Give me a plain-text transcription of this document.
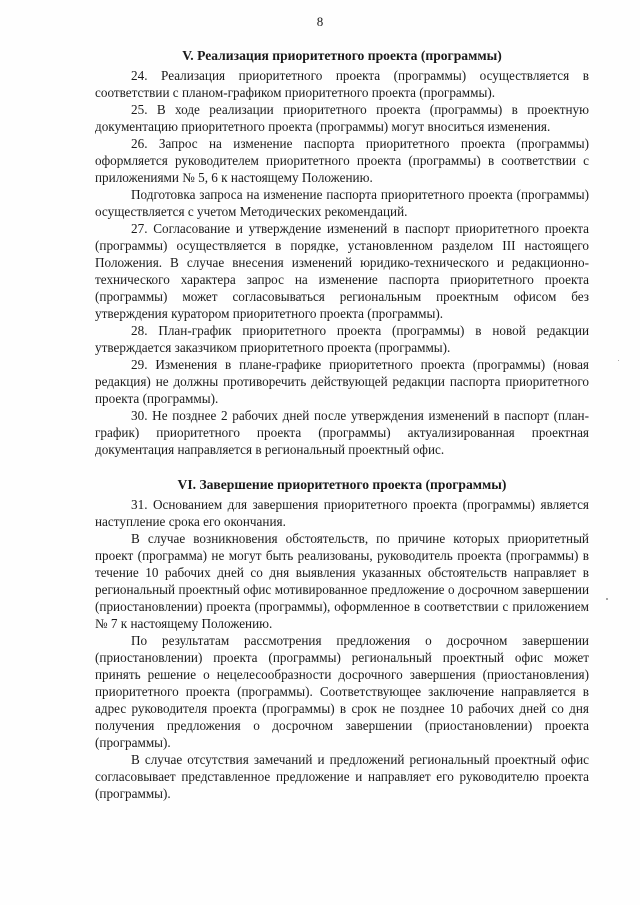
8
V. Реализация приоритетного проекта (программы)

24. Реализация приоритетного проекта (программы) осуществляется в соответствии с планом-графиком приоритетного проекта (программы).

25. В ходе реализации приоритетного проекта (программы) в проектную документацию приоритетного проекта (программы) могут вноситься изменения.

26. Запрос на изменение паспорта приоритетного проекта (программы) оформляется руководителем приоритетного проекта (программы) в соответствии с приложениями № 5, 6 к настоящему Положению.

Подготовка запроса на изменение паспорта приоритетного проекта (программы) осуществляется с учетом Методических рекомендаций.

27. Согласование и утверждение изменений в паспорт приоритетного проекта (программы) осуществляется в порядке, установленном разделом III настоящего Положения. В случае внесения изменений юридико-технического и редакционно-технического характера запрос на изменение паспорта приоритетного проекта (программы) может согласовываться региональным проектным офисом без утверждения куратором приоритетного проекта (программы).

28. План-график приоритетного проекта (программы) в новой редакции утверждается заказчиком приоритетного проекта (программы).

29. Изменения в плане-графике приоритетного проекта (программы) (новая редакция) не должны противоречить действующей редакции паспорта приоритетного проекта (программы).

30. Не позднее 2 рабочих дней после утверждения изменений в паспорт (план-график) приоритетного проекта (программы) актуализированная проектная документация направляется в региональный проектный офис.

VI. Завершение приоритетного проекта (программы)

31. Основанием для завершения приоритетного проекта (программы) является наступление срока его окончания.

В случае возникновения обстоятельств, по причине которых приоритетный проект (программа) не могут быть реализованы, руководитель проекта (программы) в течение 10 рабочих дней со дня выявления указанных обстоятельств направляет в региональный проектный офис мотивированное предложение о досрочном завершении (приостановлении) проекта (программы), оформленное в соответствии с приложением № 7 к настоящему Положению.

По результатам рассмотрения предложения о досрочном завершении (приостановлении) проекта (программы) региональный проектный офис может принять решение о нецелесообразности досрочного завершения (приостановления) приоритетного проекта (программы). Соответствующее заключение направляется в адрес руководителя проекта (программы) в срок не позднее 10 рабочих дней со дня получения предложения о досрочном завершении (приостановлении) проекта (программы).

В случае отсутствия замечаний и предложений региональный проектный офис согласовывает представленное предложение и направляет его руководителю проекта (программы).
